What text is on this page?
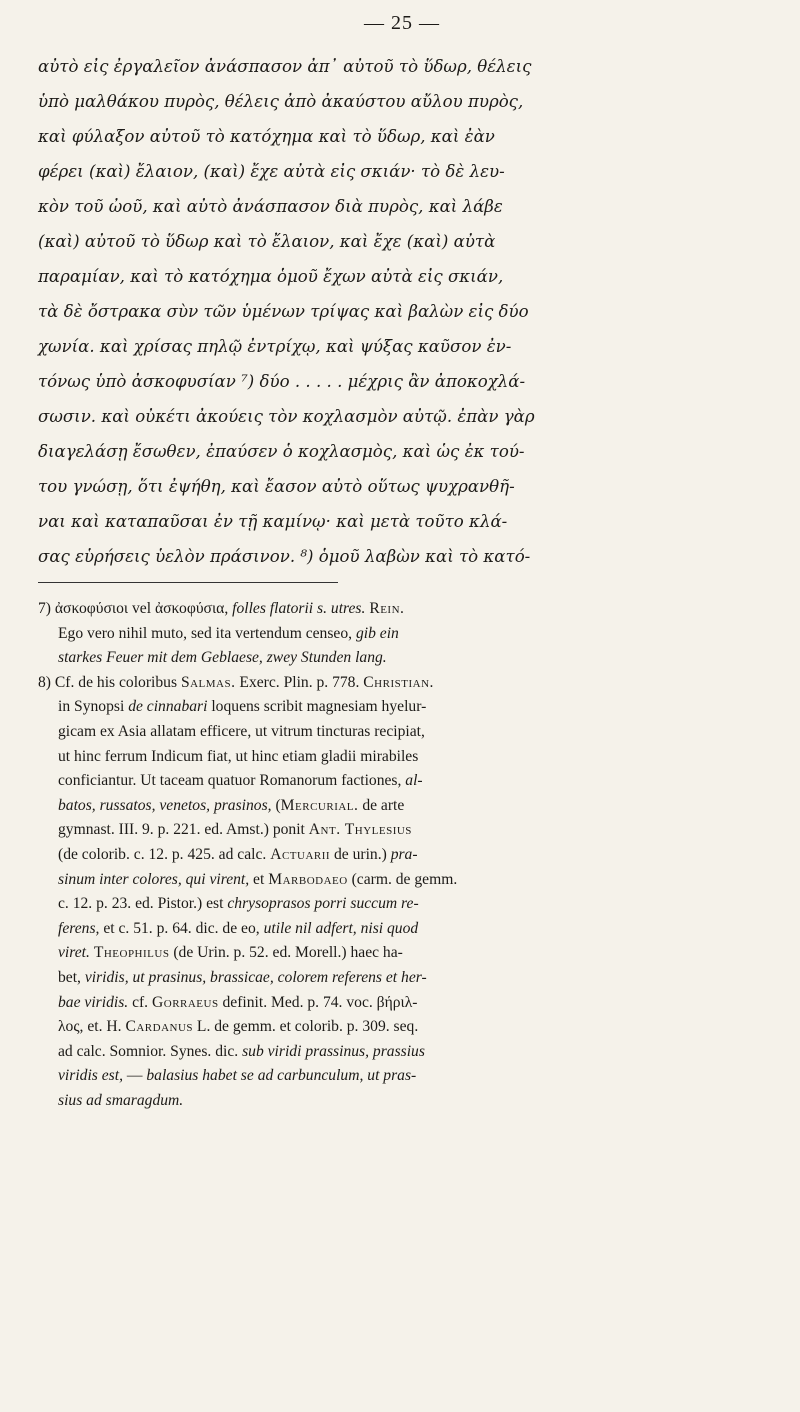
— 25 —
αὐτὸ εἰς ἐργαλεῖον ἀνάσπασον ἀπ᾽ αὐτοῦ τὸ ὕδωρ, θέλεις
ὑπὸ μαλθάκου πυρὸς, θέλεις ἀπὸ ἀκαύστου αὔλου πυρὸς,
καὶ φύλαξον αὐτοῦ τὸ κατόχημα καὶ τὸ ὕδωρ, καὶ ἐὰν
φέρει (καὶ) ἔλαιον, (καὶ) ἔχε αὐτὰ εἰς σκιάν· τὸ δὲ λευ-
κὸν τοῦ ὠοῦ, καὶ αὐτὸ ἀνάσπασον διὰ πυρὸς, καὶ λάβε
(καὶ) αὐτοῦ τὸ ὕδωρ καὶ τὸ ἔλαιον, καὶ ἔχε (καὶ) αὐτὰ
παραμίαν, καὶ τὸ κατόχημα ὁμοῦ ἔχων αὐτὰ εἰς σκιάν,
τὰ δὲ ὄστρακα σὺν τῶν ὑμένων τρίψας καὶ βαλὼν εἰς δύο
χωνία. καὶ χρίσας πηλῷ ἐντρίχῳ, καὶ ψύξας καῦσον ἐν-
τόνως ὑπὸ ἀσκοφυσίαν ⁷) δύο . . . . . μέχρις ἂν ἀποκοχλά-
σωσιν. καὶ οὐκέτι ἀκούεις τὸν κοχλασμὸν αὐτῷ. ἐπὰν γὰρ
διαγελάσῃ ἔσωθεν, ἐπαύσεν ὁ κοχλασμὸς, καὶ ὡς ἐκ τού-
του γνώσῃ, ὅτι ἐψήθη, καὶ ἔασον αὐτὸ οὕτως ψυχρανθῆ-
ναι καὶ καταπαῦσαι ἐν τῇ καμίνῳ· καὶ μετὰ τοῦτο κλά-
σας εὑρήσεις ὑελὸν πράσινον. ⁸) ὁμοῦ λαβὼν καὶ τὸ κατό-
7) ἀσκοφύσιοι vel ἀσκοφύσια, folles flatorii s. utres. Rein.
Ego vero nihil muto, sed ita vertendum censeo, gib ein
starkes Feuer mit dem Geblaese, zwey Stunden lang.
8) Cf. de his coloribus Salmas. Exerc. Plin. p. 778. Christian.
in Synopsi de cinnabari loquens scribit magnesiam hyelur-
gicam ex Asia allatam efficere, ut vitrum tincturas recipiat,
ut hinc ferrum Indicum fiat, ut hinc etiam gladii mirabiles
conficiantur. Ut taceam quatuor Romanorum factiones, al-
batos, russatos, venetos, prasinos, (Mercurial. de arte
gymnast. III. 9. p. 221. ed. Amst.) ponit Ant. Thylesius
(de colorib. c. 12. p. 425. ad calc. Actuarii de urin.) pra-
sinum inter colores, qui virent, et Marbodaeo (carm. de gemm.
c. 12. p. 23. ed. Pistor.) est chrysoprasos porri succum re-
ferens, et c. 51. p. 64. dic. de eo, utile nil adfert, nisi quod
viret. Theophilus (de Urin. p. 52. ed. Morell.) haec ha-
bet, viridis, ut prasinus, brassicae, colorem referens et her-
bae viridis. cf. Gorraeus definit. Med. p. 74. voc. βήριλ-
λος, et. H. Cardanus L. de gemm. et colorib. p. 309. seq.
ad calc. Somnior. Synes. dic. sub viridi prassinus, prassius
viridis est, — balasius habet se ad carbunculum, ut pras-
sius ad smaragdum.
